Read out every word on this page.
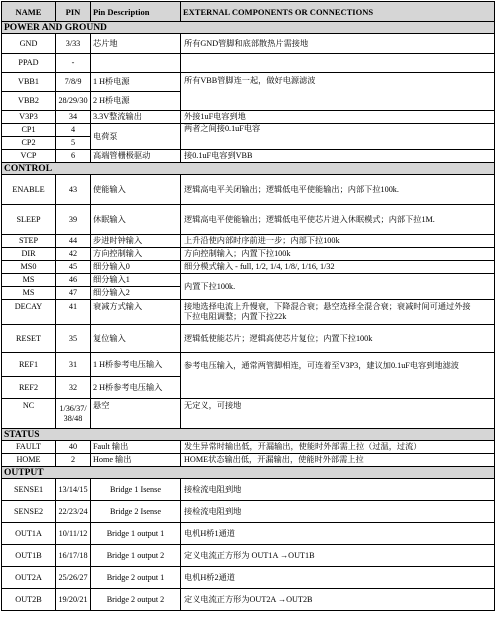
NAME	PIN	Pin Description	EXTERNAL COMPONENTS OR CONNECTIONS
POWER AND GROUND			
GND	3/33	芯片地	所有GND管脚和底部散热片需接地
PPAD	-		
VBB1	7/8/9	1 H桥电源	所有VBB管脚连一起，做好电源滤波
VBB2	28/29/30	2 H桥电源	
V3P3	34	3.3V整流输出	外接1uF电容到地
CP1	4	电荷泵	两者之间接0.1uF电容
CP2	5		
VCP	6	高端管栅极驱动	接0.1uF电容到VBB
CONTROL			
ENABLE	43	使能输入	逻辑高电平关闭输出；逻辑低电平使能输出；内部下拉100k.
SLEEP	39	休眠输入	逻辑高电平使能输出；逻辑低电平使芯片进入休眠模式；内部下拉1M.
STEP	44	步进时钟输入	上升沿使内部时序前进一步；内部下拉100k
DIR	42	方向控制输入	方向控制输入；内置下拉100k
MS0	45	细分输入0	细分模式输入 - full, 1/2, 1/4, 1/8/, 1/16, 1/32
MS	46	细分输入1	内置下拉100k.
MS	47	细分输入2	
DECAY	41	衰减方式输入	接地选择电流上升慢衰，下降混合衰；悬空选择全混合衰；衰减时间可通过外接
下拉电阻调整；内置下拉22k

RESET	35	复位输入	逻辑低使能芯片；逻辑高使芯片复位；内置下拉100k
REF1	31	1 H桥参考电压输入	参考电压输入，通常两管脚相连，可连着至V3P3，建议加0.1uF电容到地滤波
REF2	32	2 H桥参考电压输入	
NC	1/36/37/
38/48	悬空	无定义，可接地
STATUS			
FAULT	40	Fault 输出	发生异常时输出低，开漏输出，使能时外部需上拉（过温，过流）
HOME	2	Home 输出	HOME状态输出低，开漏输出，使能时外部需上拉
OUTPUT			
SENSE1	13/14/15	Bridge 1 Isense	接检流电阻到地
SENSE2	22/23/24	Bridge 2 Isense	接检流电阻到地
OUT1A	10/11/12	Bridge 1 output 1	电机H桥1通道
OUT1B	16/17/18	Bridge 1 output 2	定义电流正方形为 OUT1A →OUT1B
OUT2A	25/26/27	Bridge 2 output 1	电机H桥2通道
OUT2B	19/20/21	Bridge 2 output 2	定义电流正方形为OUT2A →OUT2B
